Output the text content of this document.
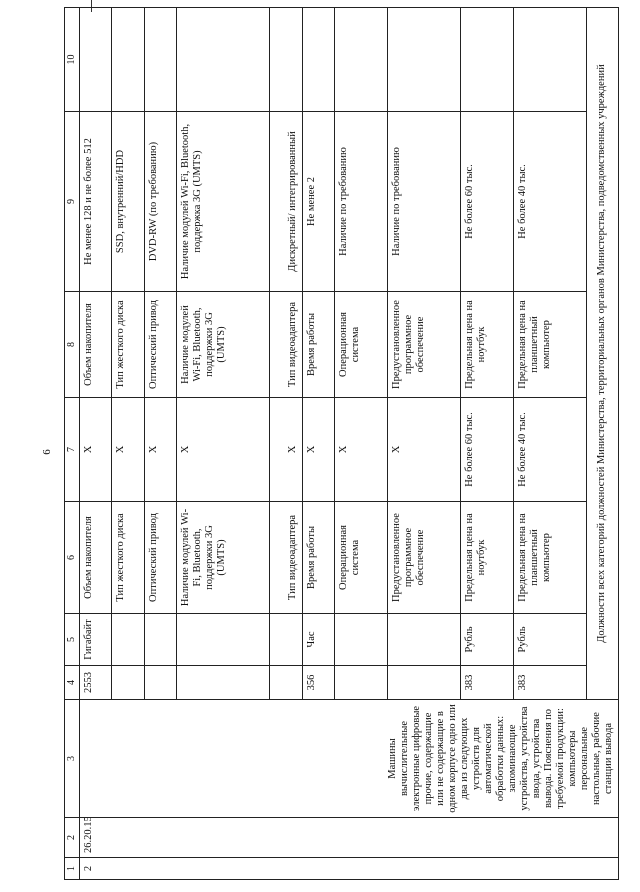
6
1	2	3	4	5	6	7	8	9	10
2	26.20.15	Машины вычислительные электронные цифровые прочие, содержащие или не содержащие в одном корпусе одно или два из следующих устройств для автоматической обработки данных: запоминающие устройства, устройства ввода, устройства вывода. Пояснения по требуемой продукции: компьютеры персональные настольные, рабочие станции вывода	2553	Гигабайт	Объем накопителя	X	Объем накопителя	Не менее 128 и не более 512	
					Тип жесткого диска	X	Тип жесткого диска	SSD, внутренний/HDD	
					Оптический привод	X	Оптический привод	DVD-RW (по требованию)	
					Наличие модулей Wi-Fi, Bluetooth, поддержки 3G (UMTS)	X	Наличие модулей Wi-Fi, Bluetooth, поддержки 3G (UMTS)	Наличие модулей Wi-Fi, Bluetooth, поддержка 3G (UMTS)	
					Тип видеоадаптера	X	Тип видеоадаптера	Дискретный/ интегрированный	
			356	Час	Время работы	X	Время работы	Не менее 2	
					Операционная система	X	Операционная система	Наличие по требованию	
					Предустановленное программное обеспечение	X	Предустановленное программное обеспечение	Наличие по требованию	
			383	Рубль	Предельная цена на ноутбук	Не более 60 тыс.	Предельная цена на ноутбук	Не более 60 тыс.	
			383	Рубль	Предельная цена на планшетный компьютер	Не более 40 тыс.	Предельная цена на планшетный компьютер	Не более 40 тыс.	
			Должности всех категорий должностей Министерства, территориальных органов Министерства, подведомственных учреждений						
